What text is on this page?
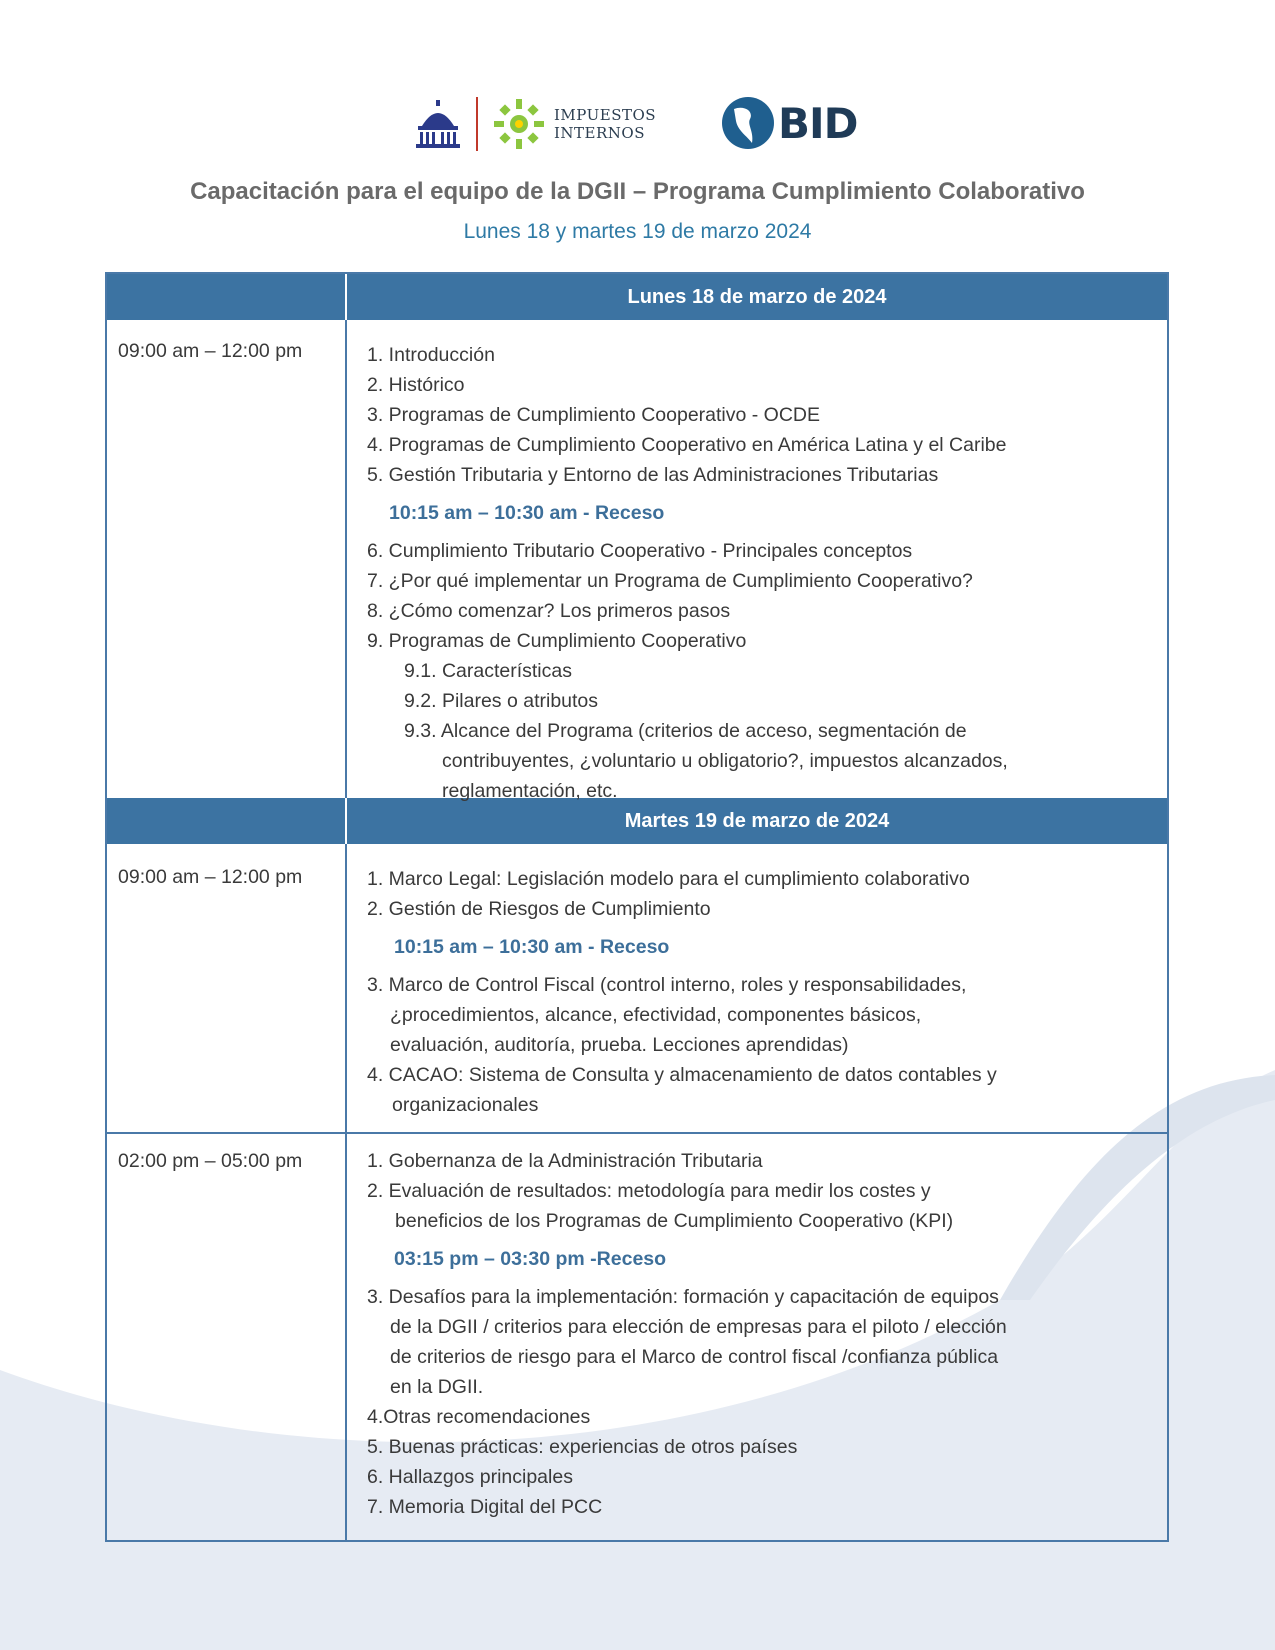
IMPUESTOS
INTERNOS	BID
Capacitación para el equipo de la DGII – Programa Cumplimiento Colaborativo
Lunes 18 y martes 19 de marzo 2024
Lunes 18 de marzo de 2024
09:00 am – 12:00 pm	1. Introducción
2. Histórico
3. Programas de Cumplimiento Cooperativo - OCDE
4. Programas de Cumplimiento Cooperativo en América Latina y el Caribe
5. Gestión Tributaria y Entorno de las Administraciones Tributarias
10:15 am – 10:30 am - Receso
6. Cumplimiento Tributario Cooperativo - Principales conceptos
7. ¿Por qué implementar un Programa de Cumplimiento Cooperativo?
8. ¿Cómo comenzar? Los primeros pasos
9. Programas de Cumplimiento Cooperativo
9.1. Características
9.2. Pilares o atributos
9.3. Alcance del Programa (criterios de acceso, segmentación de
contribuyentes, ¿voluntario u obligatorio?, impuestos alcanzados,
reglamentación, etc.
Martes 19 de marzo de 2024
09:00 am – 12:00 pm	1. Marco Legal: Legislación modelo para el cumplimiento colaborativo
2. Gestión de Riesgos de Cumplimiento
10:15 am – 10:30 am - Receso
3. Marco de Control Fiscal (control interno, roles y responsabilidades,
¿procedimientos, alcance, efectividad, componentes básicos,
evaluación, auditoría, prueba. Lecciones aprendidas)
4. CACAO: Sistema de Consulta y almacenamiento de datos contables y
organizacionales
02:00 pm – 05:00 pm	1. Gobernanza de la Administración Tributaria
2. Evaluación de resultados: metodología para medir los costes y
beneficios de los Programas de Cumplimiento Cooperativo (KPI)
03:15 pm – 03:30 pm -Receso
3. Desafíos para la implementación: formación y capacitación de equipos
de la DGII / criterios para elección de empresas para el piloto / elección
de criterios de riesgo para el Marco de control fiscal /confianza pública
en la DGII.
4.Otras recomendaciones
5. Buenas prácticas: experiencias de otros países
6. Hallazgos principales
7. Memoria Digital del PCC
